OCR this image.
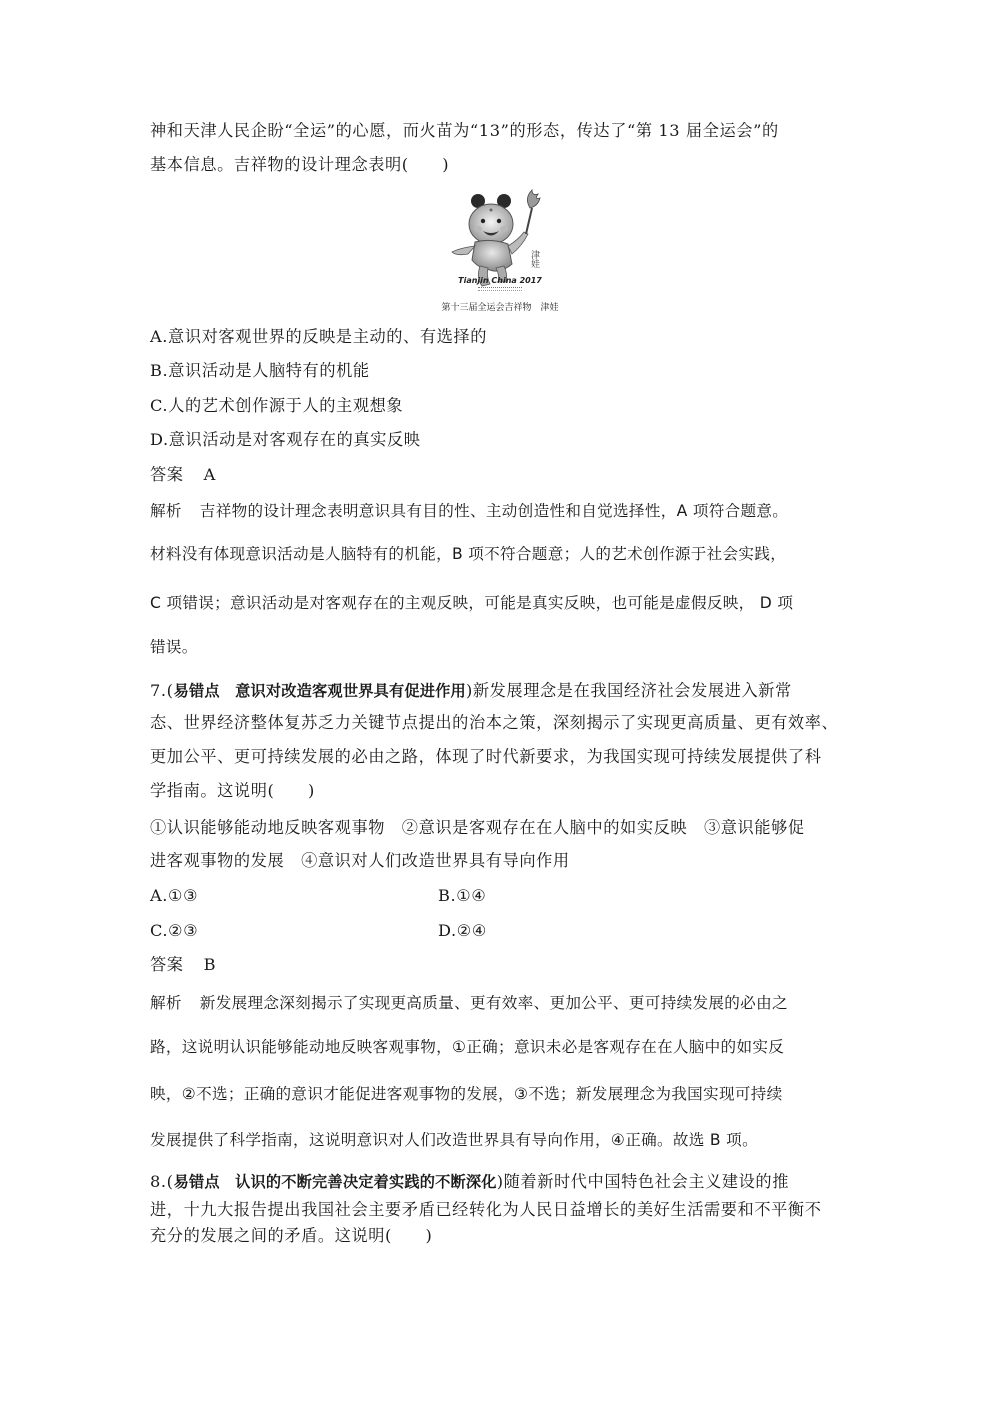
神和天津人民企盼“全运”的心愿，而火苗为“13”的形态，传达了“第 13 届全运会”的
基本信息。吉祥物的设计理念表明(　　)
津娃
Tianjin China 2017
第十三届全运会吉祥物　津娃
A.意识对客观世界的反映是主动的、有选择的
B.意识活动是人脑特有的机能
C.人的艺术创作源于人的主观想象
D.意识活动是对客观存在的真实反映
答案 A
解析 吉祥物的设计理念表明意识具有目的性、主动创造性和自觉选择性，A 项符合题意。
材料没有体现意识活动是人脑特有的机能，B 项不符合题意；人的艺术创作源于社会实践，
C 项错误；意识活动是对客观存在的主观反映，可能是真实反映，也可能是虚假反映， D 项
错误。
7.(易错点　意识对改造客观世界具有促进作用)新发展理念是在我国经济社会发展进入新常
态、世界经济整体复苏乏力关键节点提出的治本之策，深刻揭示了实现更高质量、更有效率、
更加公平、更可持续发展的必由之路，体现了时代新要求，为我国实现可持续发展提供了科
学指南。这说明(　　)
①认识能够能动地反映客观事物　②意识是客观存在在人脑中的如实反映　③意识能够促
进客观事物的发展　④意识对人们改造世界具有导向作用
A.①③	B.①④
C.②③	D.②④
答案 B
解析 新发展理念深刻揭示了实现更高质量、更有效率、更加公平、更可持续发展的必由之
路，这说明认识能够能动地反映客观事物，①正确；意识未必是客观存在在人脑中的如实反
映，②不选；正确的意识才能促进客观事物的发展，③不选；新发展理念为我国实现可持续
发展提供了科学指南，这说明意识对人们改造世界具有导向作用，④正确。故选 B 项。
8.(易错点　认识的不断完善决定着实践的不断深化)随着新时代中国特色社会主义建设的推
进，十九大报告提出我国社会主要矛盾已经转化为人民日益增长的美好生活需要和不平衡不
充分的发展之间的矛盾。这说明(　　)
